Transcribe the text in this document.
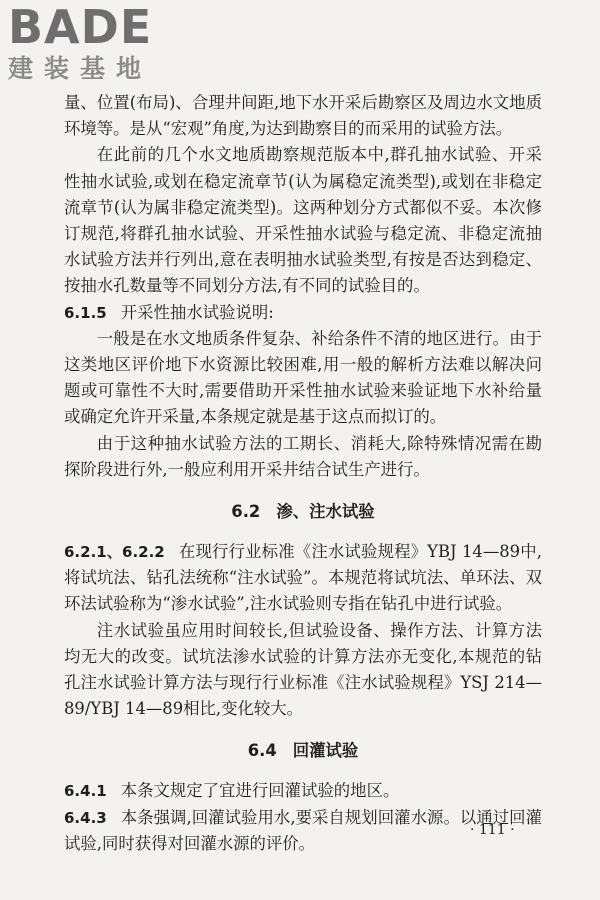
BADE
建装基地

量、位置(布局)、合理井间距,地下水开采后勘察区及周边水文地质环境等。是从“宏观”角度,为达到勘察目的而采用的试验方法。

在此前的几个水文地质勘察规范版本中,群孔抽水试验、开采性抽水试验,或划在稳定流章节(认为属稳定流类型),或划在非稳定流章节(认为属非稳定流类型)。这两种划分方式都似不妥。本次修订规范,将群孔抽水试验、开采性抽水试验与稳定流、非稳定流抽水试验方法并行列出,意在表明抽水试验类型,有按是否达到稳定、按抽水孔数量等不同划分方法,有不同的试验目的。

6.1.5 开采性抽水试验说明:

一般是在水文地质条件复杂、补给条件不清的地区进行。由于这类地区评价地下水资源比较困难,用一般的解析方法难以解决问题或可靠性不大时,需要借助开采性抽水试验来验证地下水补给量或确定允许开采量,本条规定就是基于这点而拟订的。

由于这种抽水试验方法的工期长、消耗大,除特殊情况需在勘探阶段进行外,一般应利用开采井结合试生产进行。

6.2 渗、注水试验

6.2.1、6.2.2 在现行行业标准《注水试验规程》YBJ 14—89中,将试坑法、钻孔法统称“注水试验”。本规范将试坑法、单环法、双环法试验称为“渗水试验”,注水试验则专指在钻孔中进行试验。

注水试验虽应用时间较长,但试验设备、操作方法、计算方法均无大的改变。试坑法渗水试验的计算方法亦无变化,本规范的钻孔注水试验计算方法与现行行业标准《注水试验规程》YSJ 214—89/YBJ 14—89相比,变化较大。

6.4 回灌试验

6.4.1 本条文规定了宜进行回灌试验的地区。

6.4.3 本条强调,回灌试验用水,要采自规划回灌水源。以通过回灌试验,同时获得对回灌水源的评价。

· 111 ·
